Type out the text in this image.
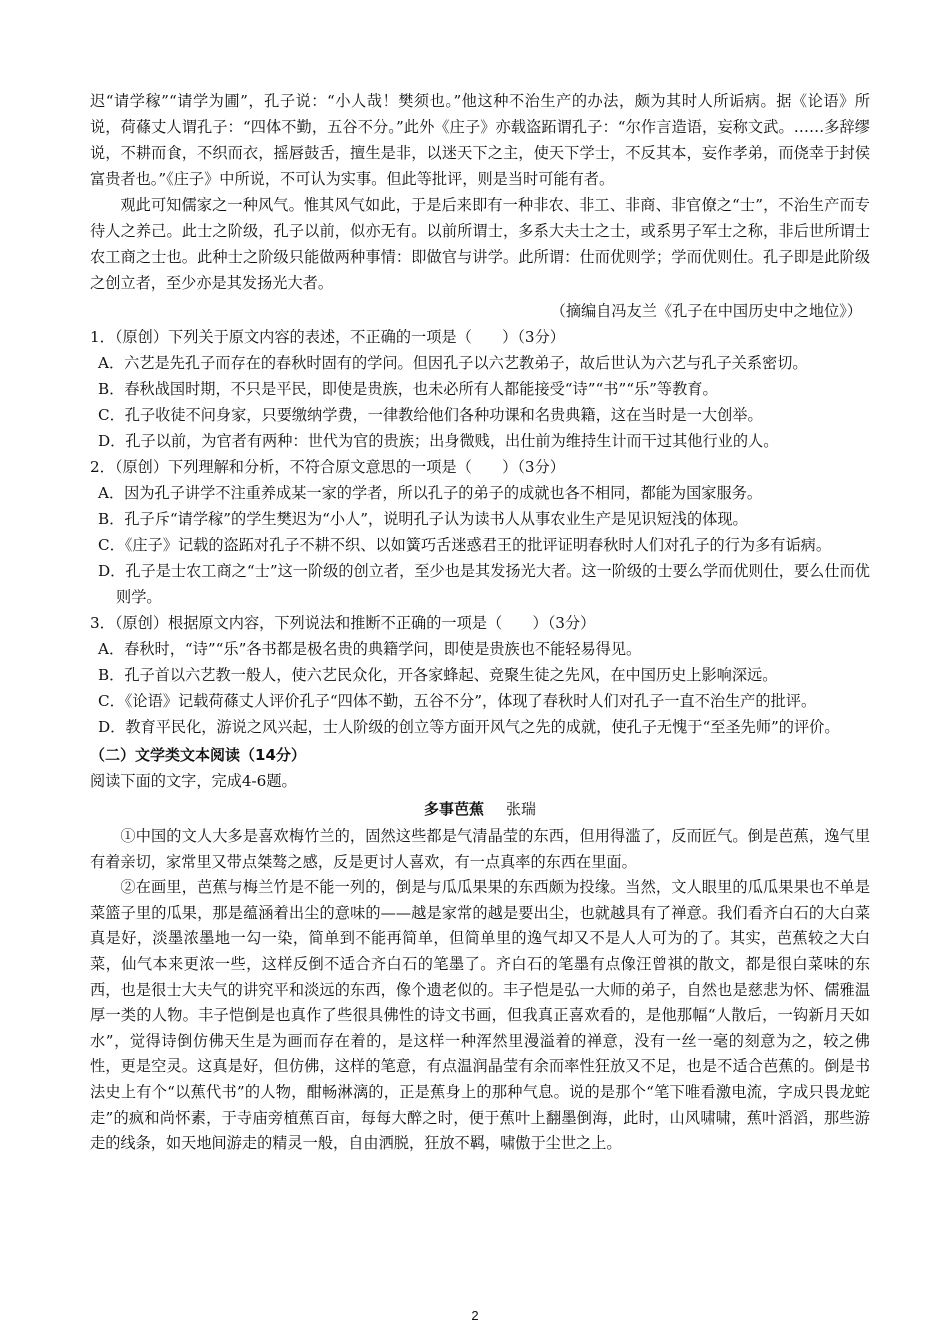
迟“请学稼”“请学为圃”，孔子说：“小人哉！樊须也。”他这种不治生产的办法，颇为其时人所诟病。据《论语》所说，荷蓧丈人谓孔子：“四体不勤，五谷不分。”此外《庄子》亦载盗跖谓孔子：“尔作言造语，妄称文武。……多辞缪说，不耕而食，不织而衣，摇唇鼓舌，擅生是非，以迷天下之主，使天下学士，不反其本，妄作孝弟，而侥幸于封侯富贵者也。”《庄子》中所说，不可认为实事。但此等批评，则是当时可能有者。

观此可知儒家之一种风气。惟其风气如此，于是后来即有一种非农、非工、非商、非官僚之“士”，不治生产而专待人之养己。此士之阶级，孔子以前，似亦无有。以前所谓士，多系大夫士之士，或系男子军士之称，非后世所谓士农工商之士也。此种士之阶级只能做两种事情：即做官与讲学。此所谓：仕而优则学；学而优则仕。孔子即是此阶级之创立者，至少亦是其发扬光大者。

（摘编自冯友兰《孔子在中国历史中之地位》）

1．（原创）下列关于原文内容的表述，不正确的一项是（　　）（3分）

A．六艺是先孔子而存在的春秋时固有的学问。但因孔子以六艺教弟子，故后世认为六艺与孔子关系密切。

B．春秋战国时期，不只是平民，即使是贵族，也未必所有人都能接受“诗”“书”“乐”等教育。

C．孔子收徒不问身家，只要缴纳学费，一律教给他们各种功课和名贵典籍，这在当时是一大创举。

D．孔子以前，为官者有两种：世代为官的贵族；出身微贱，出仕前为维持生计而干过其他行业的人。

2．（原创）下列理解和分析，不符合原文意思的一项是（　　）（3分）

A．因为孔子讲学不注重养成某一家的学者，所以孔子的弟子的成就也各不相同，都能为国家服务。

B．孔子斥“请学稼”的学生樊迟为“小人”，说明孔子认为读书人从事农业生产是见识短浅的体现。

C．《庄子》记载的盗跖对孔子不耕不织、以如簧巧舌迷惑君王的批评证明春秋时人们对孔子的行为多有诟病。

D．孔子是士农工商之“士”这一阶级的创立者，至少也是其发扬光大者。这一阶级的士要么学而优则仕，要么仕而优则学。

3．（原创）根据原文内容，下列说法和推断不正确的一项是（　　）（3分）

A．春秋时，“诗”“乐”各书都是极名贵的典籍学问，即使是贵族也不能轻易得见。

B．孔子首以六艺教一般人，使六艺民众化，开各家蜂起、竞聚生徒之先风，在中国历史上影响深远。

C．《论语》记载荷蓧丈人评价孔子“四体不勤，五谷不分”，体现了春秋时人们对孔子一直不治生产的批评。

D．教育平民化，游说之风兴起，士人阶级的创立等方面开风气之先的成就，使孔子无愧于“至圣先师”的评价。

（二）文学类文本阅读（14分）

阅读下面的文字，完成4-6题。

多事芭蕉 张瑞

①中国的文人大多是喜欢梅竹兰的，固然这些都是气清晶莹的东西，但用得滥了，反而匠气。倒是芭蕉，逸气里有着亲切，家常里又带点桀骜之感，反是更讨人喜欢，有一点真率的东西在里面。

②在画里，芭蕉与梅兰竹是不能一列的，倒是与瓜瓜果果的东西颇为投缘。当然，文人眼里的瓜瓜果果也不单是菜篮子里的瓜果，那是蕴涵着出尘的意味的——越是家常的越是要出尘，也就越具有了禅意。我们看齐白石的大白菜真是好，淡墨浓墨地一勾一染，简单到不能再简单，但简单里的逸气却又不是人人可为的了。其实，芭蕉较之大白菜，仙气本来更浓一些，这样反倒不适合齐白石的笔墨了。齐白石的笔墨有点像汪曾祺的散文，都是很白菜味的东西，也是很士大夫气的讲究平和淡远的东西，像个遗老似的。丰子恺是弘一大师的弟子，自然也是慈悲为怀、儒雅温厚一类的人物。丰子恺倒是也真作了些很具佛性的诗文书画，但我真正喜欢看的，是他那幅“人散后，一钩新月天如水”，觉得诗倒仿佛天生是为画而存在着的，是这样一种浑然里漫溢着的禅意，没有一丝一毫的刻意为之，较之佛性，更是空灵。这真是好，但仿佛，这样的笔意，有点温润晶莹有余而率性狂放又不足，也是不适合芭蕉的。倒是书法史上有个“以蕉代书”的人物，酣畅淋漓的，正是蕉身上的那种气息。说的是那个“笔下唯看激电流，字成只畏龙蛇走”的疯和尚怀素，于寺庙旁植蕉百亩，每每大醉之时，便于蕉叶上翻墨倒海，此时，山风啸啸，蕉叶滔滔，那些游走的线条，如天地间游走的精灵一般，自由洒脱，狂放不羁，啸傲于尘世之上。

2
